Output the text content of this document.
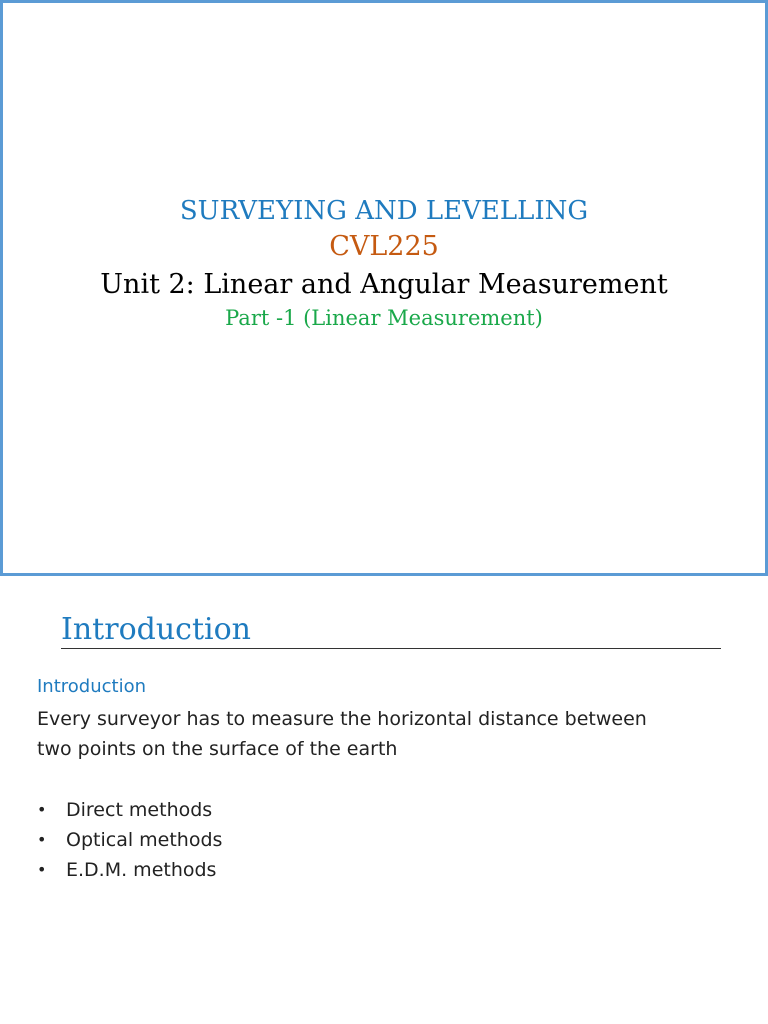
SURVEYING AND LEVELLING
CVL225
Unit 2: Linear and Angular Measurement
Part -1 (Linear Measurement)
Introduction
Introduction

Every surveyor has to measure the horizontal distance between
two points on the surface of the earth

• Direct methods
• Optical methods
• E.D.M. methods
